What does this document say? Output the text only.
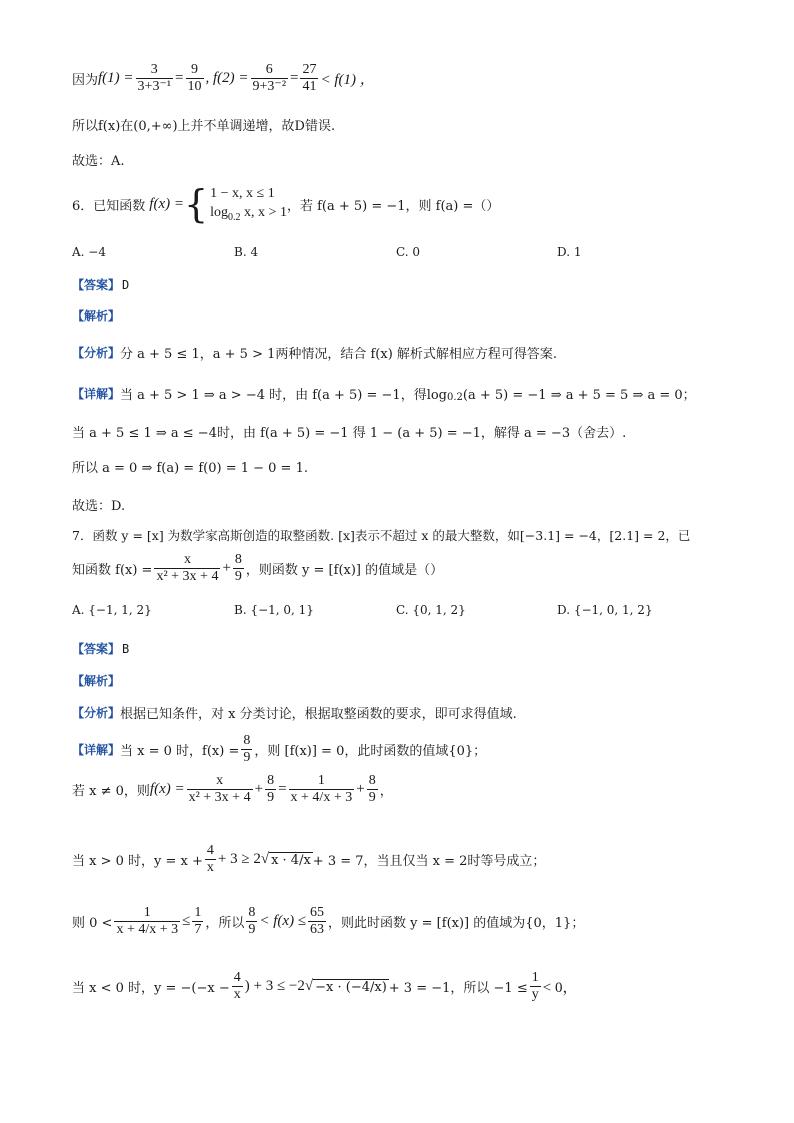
因为 $f(1) = \frac{3}{\text{3+3⁻¹}} = \frac{9}{10}$ , $f(2) = \frac{6}{\text{9+3⁻²}} = \frac{27}{41} < f(1)$ ，
所以f(x)在(0,+∞)上并不单调递增，故D错误.
故选：A.
6．已知函数 f(x) = { 1 − x, x ≤ 1
$\log_{0.2} x$, x > 1 ，若 f(a + 5) = −1，则 f(a) =（）
A. −4	B. 4	C. 0	D. 1
【答案】 D
【解析】
【分析】 分 a + 5 ≤ 1，a + 5 > 1两种情况，结合 f(x) 解析式解相应方程可得答案.
【详解】 当 a + 5 > 1 ⇒ a > −4 时，由 f(a + 5) = −1，得log 0.2 (a + 5) = −1 ⇒ a + 5 = 5 ⇒ a = 0；
当 a + 5 ≤ 1 ⇒ a ≤ −4时，由 f(a + 5) = −1 得 1 − (a + 5) = −1，解得 a = −3（舍去）.
所以 a = 0 ⇒ f(a) = f(0) = 1 − 0 = 1.
故选：D.
7．函数 y = [x] 为数学家高斯创造的取整函数. [x]表示不超过 x 的最大整数，如[−3.1] = −4，[2.1] = 2，已
知函数 $f(x) = \frac{x}{\text{x² + 3x + 4}} + \frac{8}{9}$ ，则函数 y = [f(x)] 的值域是（）
A. {−1, 1, 2}	B. {−1, 0, 1}	C. {0, 1, 2}	D. {−1, 0, 1, 2}
【答案】 B
【解析】
【分析】 根据已知条件，对 x 分类讨论，根据取整函数的要求，即可求得值域.
【详解】 当 x = 0 时，$f(x) = \frac{8}{9}$ ，则 [f(x)] = 0，此时函数的值域{0}；
若 x ≠ 0，则 $f(x) = \frac{x}{\text{x² + 3x + 4}} + \frac{8}{9} = \frac{1}{x + 4/x + 3} + \frac{8}{9}$ ，
当 x > 0 时，$y = x + \frac{4}{x} + 3 \ge 2$ √ x · 4/x + 3 = 7，当且仅当 x = 2时等号成立；
则 $0 < \frac{1}{x + 4/x + 3} \le \frac{1}{7}$ ，所以 $\frac{8}{9} < f(x) \le \frac{65}{63}$ ，则此时函数 y = [f(x)] 的值域为{0，1}；
当 x < 0 时，$y = -(-x - \frac{4}{x}$ ) + 3 ≤ −2 √ −x · (−4/x) + 3 = −1，所以 $-1 \le \frac{1}{y} < 0$，
